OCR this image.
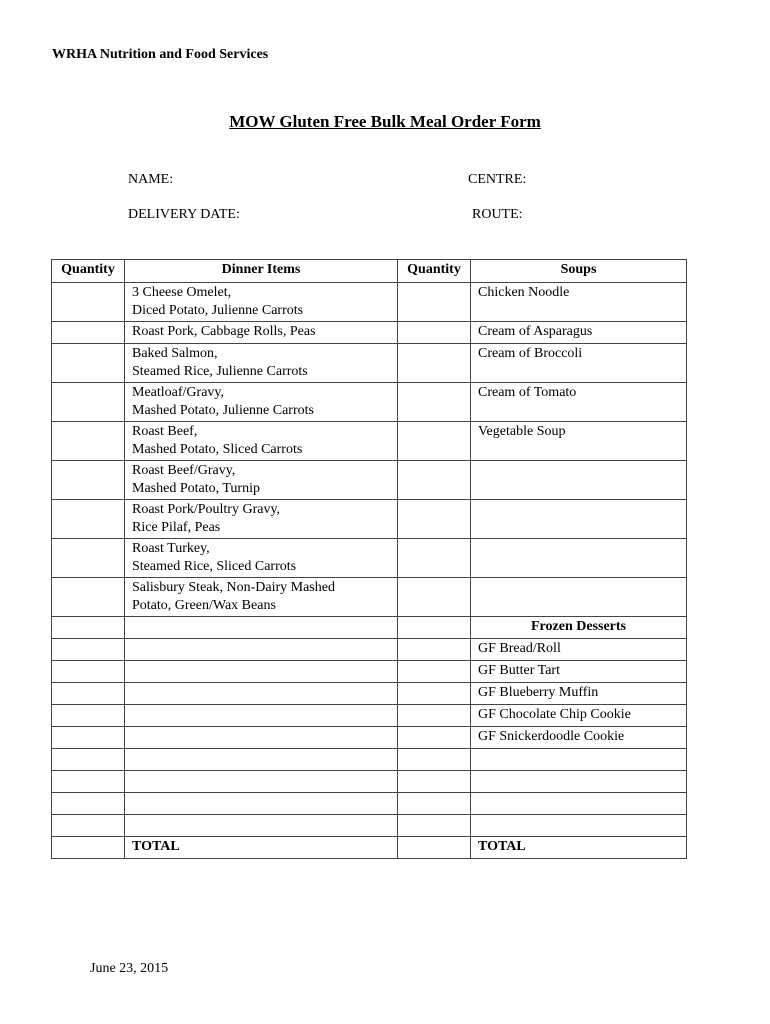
WRHA Nutrition and Food Services
MOW Gluten Free Bulk Meal Order Form
NAME:	CENTRE:
DELIVERY DATE:	ROUTE:
Quantity	Dinner Items	Quantity	Soups
	3 Cheese Omelet,
Diced Potato, Julienne Carrots		Chicken Noodle
	Roast Pork, Cabbage Rolls, Peas		Cream of Asparagus
	Baked Salmon,
Steamed Rice, Julienne Carrots		Cream of Broccoli
	Meatloaf/Gravy,
Mashed Potato, Julienne Carrots		Cream of Tomato
	Roast Beef,
Mashed Potato, Sliced Carrots		Vegetable Soup
	Roast Beef/Gravy,
Mashed Potato, Turnip		
	Roast Pork/Poultry Gravy,
Rice Pilaf, Peas		
	Roast Turkey,
Steamed Rice, Sliced Carrots		
	Salisbury Steak, Non-Dairy Mashed
Potato, Green/Wax Beans		
			Frozen Desserts
			GF Bread/Roll
			GF Butter Tart
			GF Blueberry Muffin
			GF Chocolate Chip Cookie
			GF Snickerdoodle Cookie

	TOTAL		TOTAL
June 23, 2015
